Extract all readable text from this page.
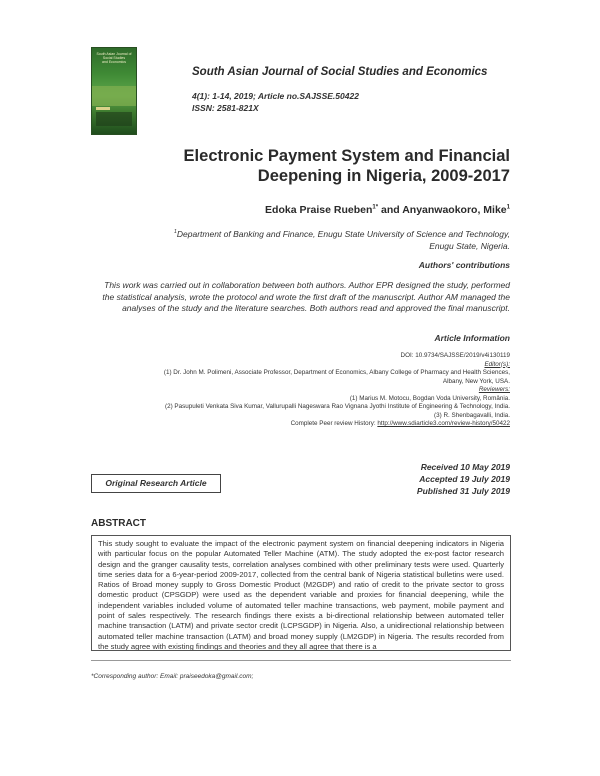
South Asian Journal of
Social Studies
and Economics
South Asian Journal of Social Studies and Economics
4(1): 1-14, 2019; Article no.SAJSSE.50422
ISSN: 2581-821X
Electronic Payment System and Financial
Deepening in Nigeria, 2009-2017
Edoka Praise Rueben$^{1*}$ and Anyanwaokoro, Mike$^1$
$^1$Department of Banking and Finance, Enugu State University of Science and Technology,
Enugu State, Nigeria.
Authors' contributions
This work was carried out in collaboration between both authors. Author EPR designed the study, performed the statistical analysis, wrote the protocol and wrote the first draft of the manuscript. Author AM managed the analyses of the study and the literature searches. Both authors read and approved the final manuscript.
Article Information
DOI: 10.9734/SAJSSE/2019/v4i130119
Editor(s):
(1) Dr. John M. Polimeni, Associate Professor, Department of Economics, Albany College of Pharmacy and Health Sciences,
Albany, New York, USA.
Reviewers:
(1) Marius M. Motocu, Bogdan Voda University, România.
(2) Pasupuleti Venkata Siva Kumar, Vallurupalli Nageswara Rao Vignana Jyothi Institute of Engineering & Technology, India.
(3) R. Shenbagavalli, India.
Complete Peer review History: http://www.sdiarticle3.com/review-history/50422
Received 10 May 2019
Accepted 19 July 2019
Published 31 July 2019
Original Research Article
ABSTRACT

This study sought to evaluate the impact of the electronic payment system on financial deepening indicators in Nigeria with particular focus on the popular Automated Teller Machine (ATM). The study adopted the ex-post factor research design and the granger causality tests, correlation analyses combined with other preliminary tests were used. Quarterly time series data for a 6-year-period 2009-2017, collected from the central bank of Nigeria statistical bulletins were used. Ratios of Broad money supply to Gross Domestic Product (M2GDP) and ratio of credit to the private sector to gross domestic product (CPSGDP) were used as the dependent variable and proxies for financial deepening, while the independent variables included volume of automated teller machine transactions, web payment, mobile payment and point of sales respectively. The research findings there exists a bi-directional relationship between automated teller machine transaction (LATM) and private sector credit (LCPSGDP) in Nigeria. Also, a unidirectional relationship between automated teller machine transaction (LATM) and broad money supply (LM2GDP) in Nigeria. The results recorded from the study agree with existing findings and theories and they all agree that there is a

*Corresponding author: Email: praiseedoka@gmail.com;
